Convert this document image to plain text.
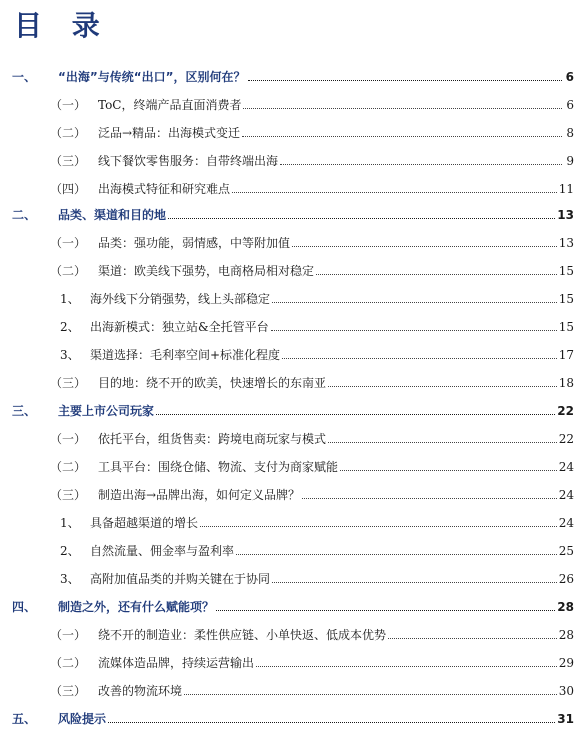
目 录
一、	“出海”与传统“出口”，区别何在？	6
（一） ToC，终端产品直面消费者	6
（二） 泛品→精品：出海模式变迁	8
（三） 线下餐饮零售服务：自带终端出海	9
（四） 出海模式特征和研究难点	11
二、	品类、渠道和目的地	13
（一） 品类：强功能，弱情感，中等附加值	13
（二） 渠道：欧美线下强势，电商格局相对稳定	15
1、 海外线下分销强势，线上头部稳定	15
2、 出海新模式：独立站&全托管平台	15
3、 渠道选择：毛利率空间+标准化程度	17
（三） 目的地：绕不开的欧美，快速增长的东南亚	18
三、	主要上市公司玩家	22
（一） 依托平台，组货售卖：跨境电商玩家与模式	22
（二） 工具平台：围绕仓储、物流、支付为商家赋能	24
（三） 制造出海→品牌出海，如何定义品牌？	24
1、 具备超越渠道的增长	24
2、 自然流量、佣金率与盈利率	25
3、 高附加值品类的并购关键在于协同	26
四、	制造之外，还有什么赋能项？	28
（一） 绕不开的制造业：柔性供应链、小单快返、低成本优势	28
（二） 流媒体造品牌，持续运营输出	29
（三） 改善的物流环境	30
五、	风险提示	31
